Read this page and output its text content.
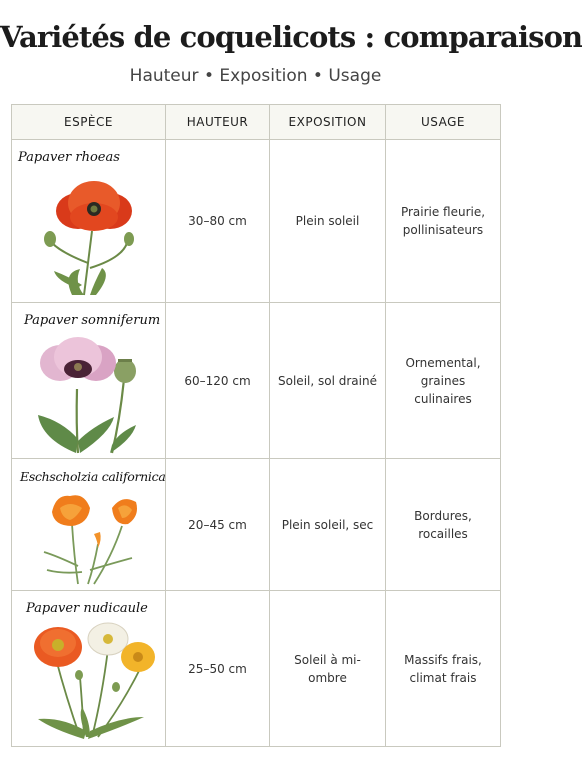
Variétés de coquelicots : comparaison
Hauteur • Exposition • Usage
ESPÈCE	HAUTEUR	EXPOSITION	USAGE

Papaver rhoeas	30–80 cm	Plein soleil	Prairie fleurie,
pollinisateurs

Papaver somniferum	60–120 cm	Soleil, sol drainé	Ornemental,
graines culinaires

Eschscholzia californica	20–45 cm	Plein soleil, sec	Bordures, rocailles

Papaver nudicaule	25–50 cm	Soleil à mi-ombre	Massifs frais,
climat frais
